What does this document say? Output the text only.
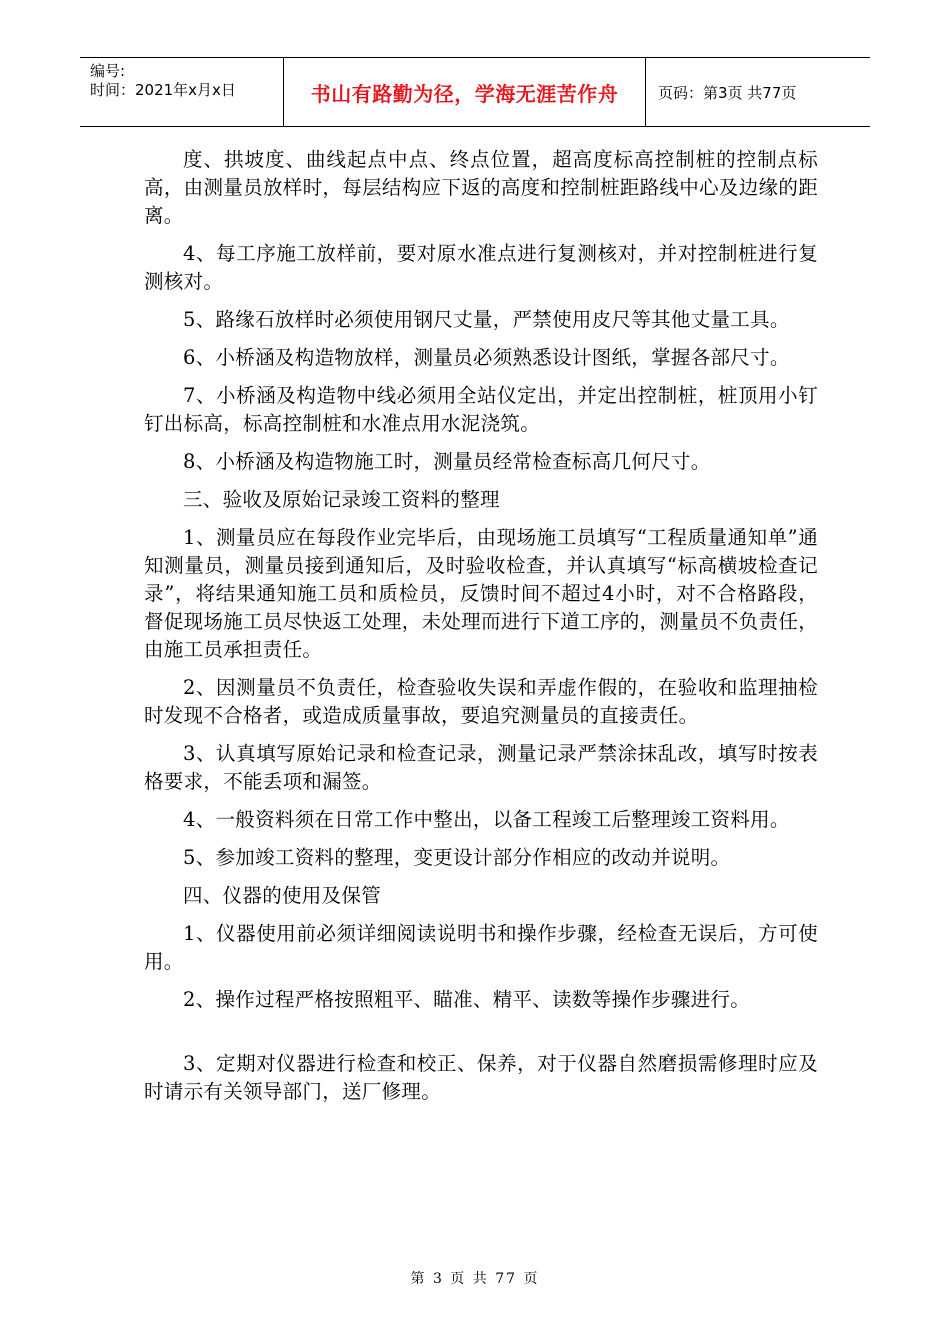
编号:
时间：2021年x月x日	书山有路勤为径，学海无涯苦作舟	页码：第3页 共77页

度、拱坡度、曲线起点中点、终点位置，超高度标高控制桩的控制点标高，由测量员放样时，每层结构应下返的高度和控制桩距路线中心及边缘的距离。

4、每工序施工放样前，要对原水准点进行复测核对，并对控制桩进行复测核对。

5、路缘石放样时必须使用钢尺丈量，严禁使用皮尺等其他丈量工具。

6、小桥涵及构造物放样，测量员必须熟悉设计图纸，掌握各部尺寸。

7、小桥涵及构造物中线必须用全站仪定出，并定出控制桩，桩顶用小钉钉出标高，标高控制桩和水准点用水泥浇筑。

8、小桥涵及构造物施工时，测量员经常检查标高几何尺寸。

三、验收及原始记录竣工资料的整理

1、测量员应在每段作业完毕后，由现场施工员填写“工程质量通知单”通知测量员，测量员接到通知后，及时验收检查，并认真填写“标高横坡检查记录”，将结果通知施工员和质检员，反馈时间不超过4小时，对不合格路段，督促现场施工员尽快返工处理，未处理而进行下道工序的，测量员不负责任，由施工员承担责任。

2、因测量员不负责任，检查验收失误和弄虚作假的，在验收和监理抽检时发现不合格者，或造成质量事故，要追究测量员的直接责任。

3、认真填写原始记录和检查记录，测量记录严禁涂抹乱改，填写时按表格要求，不能丢项和漏签。

4、一般资料须在日常工作中整出，以备工程竣工后整理竣工资料用。

5、参加竣工资料的整理，变更设计部分作相应的改动并说明。

四、仪器的使用及保管

1、仪器使用前必须详细阅读说明书和操作步骤，经检查无误后，方可使用。

2、操作过程严格按照粗平、瞄准、精平、读数等操作步骤进行。

3、定期对仪器进行检查和校正、保养，对于仪器自然磨损需修理时应及时请示有关领导部门，送厂修理。

第 3 页 共 77 页
